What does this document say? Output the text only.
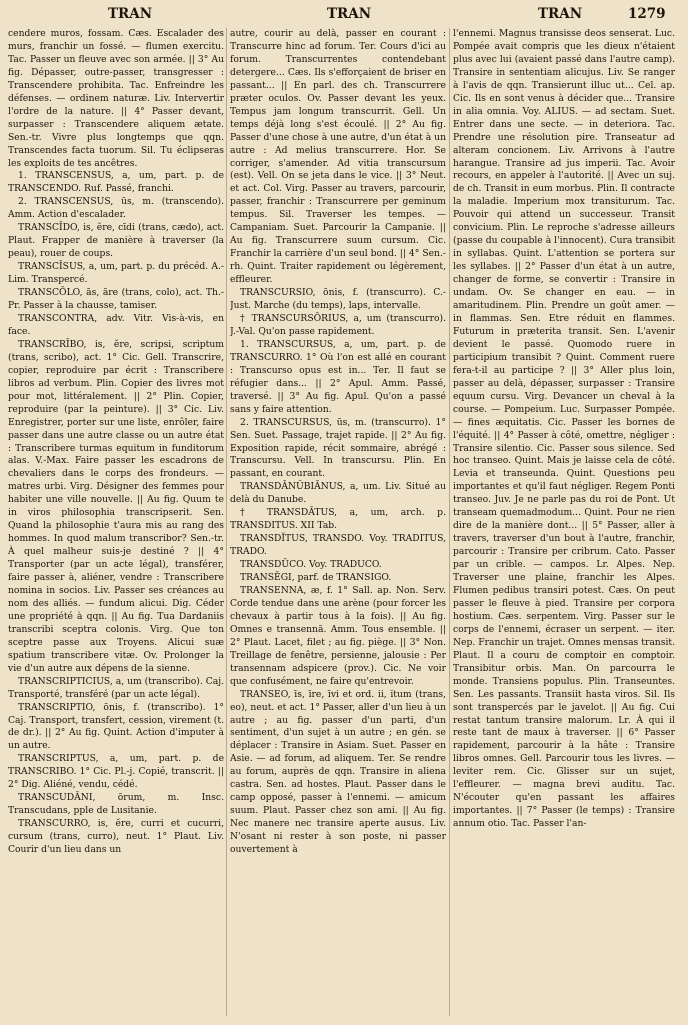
TRAN	TRAN	TRAN	1279

cendere muros, fossam. Cæs. Escalader des murs, franchir un fossé. — flumen exercitu. Tac. Passer un fleuve avec son armée. || 3° Au fig. Dépasser, outre-passer, transgresser : Transcendere prohibita. Tac. Enfreindre les défenses. — ordinem naturæ. Liv. Intervertir l'ordre de la nature. || 4° Passer devant, surpasser : Transcendere aliquem ætate. Sen.-tr. Vivre plus longtemps que qqn. Transcendes facta tuorum. Sil. Tu éclipseras les exploits de tes ancêtres.

1. TRANSCENSUS, a, um, part. p. de TRANSCENDO. Ruf. Passé, franchi.

2. TRANSCENSUS, ūs, m. (transcendo). Amm. Action d'escalader.

TRANSCĪDO, is, ĕre, cīdi (trans, cædo), act. Plaut. Frapper de manière à traverser (la peau), rouer de coups.

TRANSCĪSUS, a, um, part. p. du précéd. A.-Lim. Transpercé.

TRANSCŌLO, ās, āre (trans, colo), act. Th.-Pr. Passer à la chausse, tamiser.

TRANSCONTRA, adv. Vitr. Vis-à-vis, en face.

TRANSCRĪBO, is, ĕre, scripsi, scriptum (trans, scribo), act. 1° Cic. Gell. Transcrire, copier, reproduire par écrit : Transcribere libros ad verbum. Plin. Copier des livres mot pour mot, littéralement. || 2° Plin. Copier, reproduire (par la peinture). || 3° Cic. Liv. Enregistrer, porter sur une liste, enrôler, faire passer dans une autre classe ou un autre état : Transcribere turmas equitum in funditorum alas. V.-Max. Faire passer les escadrons de chevaliers dans le corps des frondeurs. — matres urbi. Virg. Désigner des femmes pour habiter une ville nouvelle. || Au fig. Quum te in viros philosophia transcripserit. Sen. Quand la philosophie t'aura mis au rang des hommes. In quod malum transcribor? Sen.-tr. À quel malheur suis-je destiné ? || 4° Transporter (par un acte légal), transférer, faire passer à, aliéner, vendre : Transcribere nomina in socios. Liv. Passer ses créances au nom des alliés. — fundum alicui. Dig. Céder une propriété à qqn. || Au fig. Tua Dardaniis transcribi sceptra colonis. Virg. Que ton sceptre passe aux Troyens. Alicui suæ spatium transcribere vitæ. Ov. Prolonger la vie d'un autre aux dépens de la sienne.

TRANSCRIPTICIUS, a, um (transcribo). Caj. Transporté, transféré (par un acte légal).

TRANSCRIPTIO, ōnis, f. (transcribo). 1° Caj. Transport, transfert, cession, virement (t. de dr.). || 2° Au fig. Quint. Action d'imputer à un autre.

TRANSCRIPTUS, a, um, part. p. de TRANSCRIBO. 1° Cic. Pl.-j. Copié, transcrit. || 2° Dig. Aliéné, vendu, cédé.

TRANSCUDĀNI, ōrum, m. Insc. Transcudans, pple de Lusitanie.

TRANSCURRO, is, ĕre, curri et cucurri, cursum (trans, curro), neut. 1° Plaut. Liv. Courir d'un lieu dans un

autre, courir au delà, passer en courant : Transcurre hinc ad forum. Ter. Cours d'ici au forum. Transcurrentes contendebant detergere... Cæs. Ils s'efforçaient de briser en passant... || En parl. des ch. Transcurrere præter oculos. Ov. Passer devant les yeux. Tempus jam longum transcurrit. Gell. Un temps déjà long s'est écoulé. || 2° Au fig. Passer d'une chose à une autre, d'un état à un autre : Ad melius transcurrere. Hor. Se corriger, s'amender. Ad vitia transcursum (est). Vell. On se jeta dans le vice. || 3° Neut. et act. Col. Virg. Passer au travers, parcourir, passer, franchir : Transcurrere per geminum tempus. Sil. Traverser les tempes. — Campaniam. Suet. Parcourir la Campanie. || Au fig. Transcurrere suum cursum. Cic. Franchir la carrière d'un seul bond. || 4° Sen.-rh. Quint. Traiter rapidement ou légèrement, effleurer.

TRANSCURSIO, ōnis, f. (transcurro). C.-Just. Marche (du temps), laps, intervalle.

† TRANSCURSŌRIUS, a, um (transcurro). J.-Val. Qu'on passe rapidement.

1. TRANSCURSUS, a, um, part. p. de TRANSCURRO. 1° Où l'on est allé en courant : Transcurso opus est in... Ter. Il faut se réfugier dans... || 2° Apul. Amm. Passé, traversé. || 3° Au fig. Apul. Qu'on a passé sans y faire attention.

2. TRANSCURSUS, ūs, m. (transcurro). 1° Sen. Suet. Passage, trajet rapide. || 2° Au fig. Exposition rapide, récit sommaire, abrégé : Transcursu. Vell. In transcursu. Plin. En passant, en courant.

TRANSDĀNŬBIĀNUS, a, um. Liv. Situé au delà du Danube.

† TRANSDĀTUS, a, um, arch. p. TRANSDITUS. XII Tab.

TRANSDĬTUS, TRANSDO. Voy. TRADITUS, TRADO.

TRANSDŪCO. Voy. TRADUCO.

TRANSĒGI, parf. de TRANSIGO.

TRANSENNA, æ, f. 1° Sall. ap. Non. Serv. Corde tendue dans une arène (pour forcer les chevaux à partir tous à la fois). || Au fig. Omnes e transennā. Amm. Tous ensemble. || 2° Plaut. Lacet, filet ; au fig. piège. || 3° Non. Treillage de fenêtre, persienne, jalousie : Per transennam adspicere (prov.). Cic. Ne voir que confusément, ne faire qu'entrevoir.

TRANSEO, īs, īre, īvi et ord. ii, ĭtum (trans, eo), neut. et act. 1° Passer, aller d'un lieu à un autre ; au fig. passer d'un parti, d'un sentiment, d'un sujet à un autre ; en gén. se déplacer : Transire in Asiam. Suet. Passer en Asie. — ad forum, ad aliquem. Ter. Se rendre au forum, auprès de qqn. Transire in aliena castra. Sen. ad hostes. Plaut. Passer dans le camp opposé, passer à l'ennemi. — amicum suum. Plaut. Passer chez son ami. || Au fig. Nec manere nec transire aperte ausus. Liv. N'osant ni rester à son poste, ni passer ouvertement à

l'ennemi. Magnus transisse deos senserat. Luc. Pompée avait compris que les dieux n'étaient plus avec lui (avaient passé dans l'autre camp). Transire in sententiam alicujus. Liv. Se ranger à l'avis de qqn. Transierunt illuc ut... Cel. ap. Cic. Ils en sont venus à décider que... Transire in alia omnia. Voy. ALIUS. — ad sectam. Suet. Entrer dans une secte. — in deteriora. Tac. Prendre une résolution pire. Transeatur ad alteram concionem. Liv. Arrivons à l'autre harangue. Transire ad jus imperii. Tac. Avoir recours, en appeler à l'autorité. || Avec un suj. de ch. Transit in eum morbus. Plin. Il contracte la maladie. Imperium mox transiturum. Tac. Pouvoir qui attend un successeur. Transit convicium. Plin. Le reproche s'adresse ailleurs (passe du coupable à l'innocent). Cura transibit in syllabas. Quint. L'attention se portera sur les syllabes. || 2° Passer d'un état à un autre, changer de forme, se convertir : Transire in undam. Ov. Se changer en eau. — in amaritudinem. Plin. Prendre un goût amer. — in flammas. Sen. Etre réduit en flammes. Futurum in præterita transit. Sen. L'avenir devient le passé. Quomodo ruere in participium transibit ? Quint. Comment ruere fera-t-il au participe ? || 3° Aller plus loin, passer au delà, dépasser, surpasser : Transire equum cursu. Virg. Devancer un cheval à la course. — Pompeium. Luc. Surpasser Pompée. — fines æquitatis. Cic. Passer les bornes de l'équité. || 4° Passer à côté, omettre, négliger : Transire silentio. Cic. Passer sous silence. Sed hoc transeo. Quint. Mais je laisse cela de côté. Levia et transeunda. Quint. Questions peu importantes et qu'il faut négliger. Regem Ponti transeo. Juv. Je ne parle pas du roi de Pont. Ut transeam quemadmodum... Quint. Pour ne rien dire de la manière dont... || 5° Passer, aller à travers, traverser d'un bout à l'autre, franchir, parcourir : Transire per cribrum. Cato. Passer par un crible. — campos. Lr. Alpes. Nep. Traverser une plaine, franchir les Alpes. Flumen pedibus transiri potest. Cæs. On peut passer le fleuve à pied. Transire per corpora hostium. Cæs. serpentem. Virg. Passer sur le corps de l'ennemi, écraser un serpent. — iter. Nep. Franchir un trajet. Omnes mensas transit. Plaut. Il a couru de comptoir en comptoir. Transibitur orbis. Man. On parcourra le monde. Transiens populus. Plin. Transeuntes. Sen. Les passants. Transiit hasta viros. Sil. Ils sont transpercés par le javelot. || Au fig. Cui restat tantum transire malorum. Lr. À qui il reste tant de maux à traverser. || 6° Passer rapidement, parcourir à la hâte : Transire libros omnes. Gell. Parcourir tous les livres. — leviter rem. Cic. Glisser sur un sujet, l'effleurer. — magna brevi auditu. Tac. N'écouter qu'en passant les affaires importantes. || 7° Passer (le temps) : Transire annum otio. Tac. Passer l'an-
